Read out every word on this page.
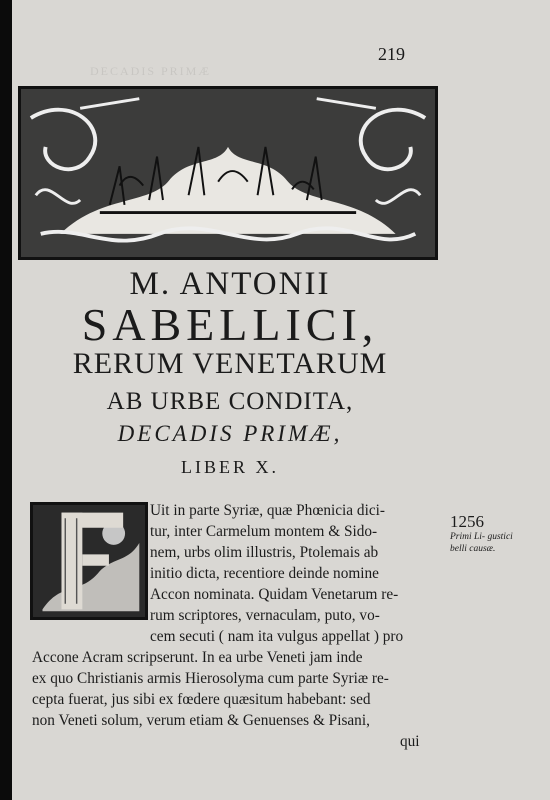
DECADIS PRIMÆ
219
M. ANTONII
SABELLICI,
RERUM VENETARUM
AB URBE CONDITA,
DECADIS PRIMÆ,
LIBER X.
Uit in parte Syriæ, quæ Phœnicia dici-
tur, inter Carmelum montem & Sido-
nem, urbs olim illustris, Ptolemais ab
initio dicta, recentiore deinde nomine
Accon nominata. Quidam Venetarum re-
rum scriptores, vernaculam, puto, vo-
cem secuti ( nam ita vulgus appellat ) pro
Accone Acram scripserunt. In ea urbe Veneti jam inde
ex quo Christianis armis Hierosolyma cum parte Syriæ re-
cepta fuerat, jus sibi ex fœdere quæsitum habebant: sed
non Veneti solum, verum etiam & Genuenses & Pisani,
qui
1256
Primi Li- gustici belli causæ.
